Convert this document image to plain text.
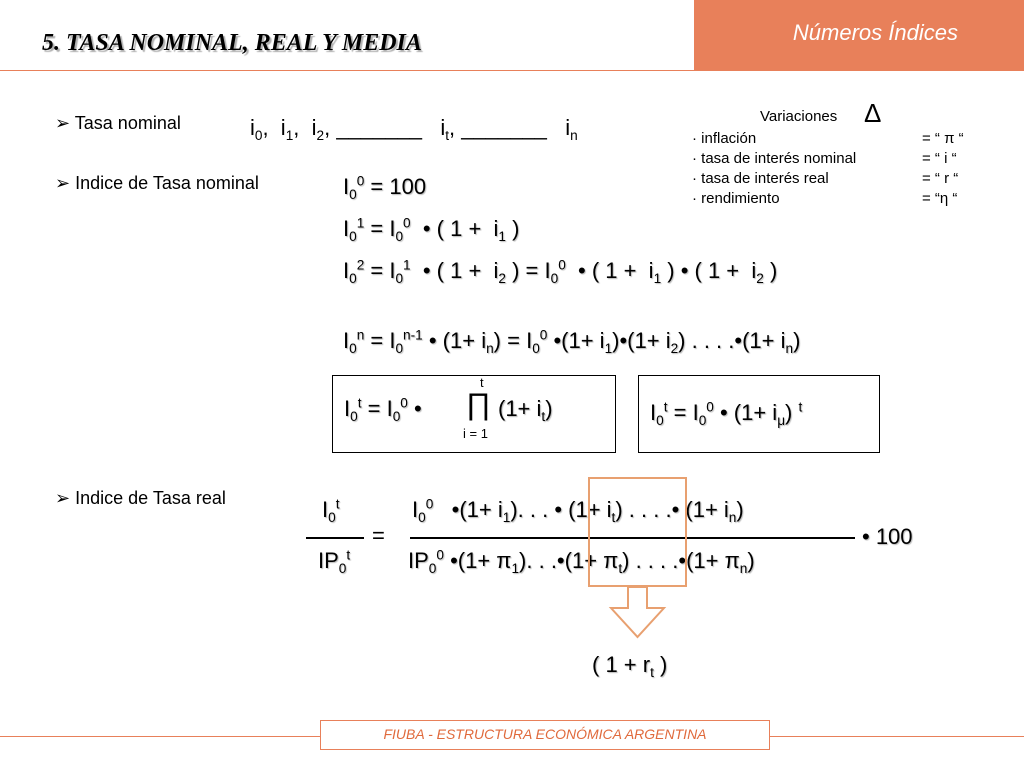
Números Índices
5. TASA NOMINAL, REAL Y MEDIA
➢ Tasa nominal	$i_0$,  $i_1$,  $i_2$, _______   $i_t$, _______   $i_n$
Variaciones Δ
· inflación	= “ π “
· tasa de interés nominal	= “ i “
· tasa de interés real	= “ r “
· rendimiento	= “η “
➢ Indice de Tasa nominal	$I_0^0 = 100$
$I_0^1 = I_0^0$  • ( $1 + i_1$ )
$I_0^2 = I_0^1$  • ( $1 + i_2$ ) = $I_0^0$  • ( $1 + i_1$ ) • ( $1 + i_2$ )
$I_0^n = I_0^{n-1}$ • $(1+ i_n) = I_0^0$ •(1+ $i_1)•(1+ i_2)$ . . . .•(1+ $i_n$)
$I_0^t = I_0^0$ •
t
∏
i = 1
$(1+ i_t)$	$I_0^t = I_0^0$ • $(1+ i_\mu)$ $^t$
➢ Indice de Tasa real	$I_0^t$
$IP_0^t$
=
$I_0^0$   •(1+ $i_1$). . . • $(1+ i_t)$ . . . .• $(1+ i_n)$
$IP_0^0$ •(1+ $\pi_1$). . .•(1+ $\pi_t$) . . . .•(1+ $\pi_n$)
• 100
( $1 + r_t$ )
FIUBA - ESTRUCTURA ECONÓMICA ARGENTINA
